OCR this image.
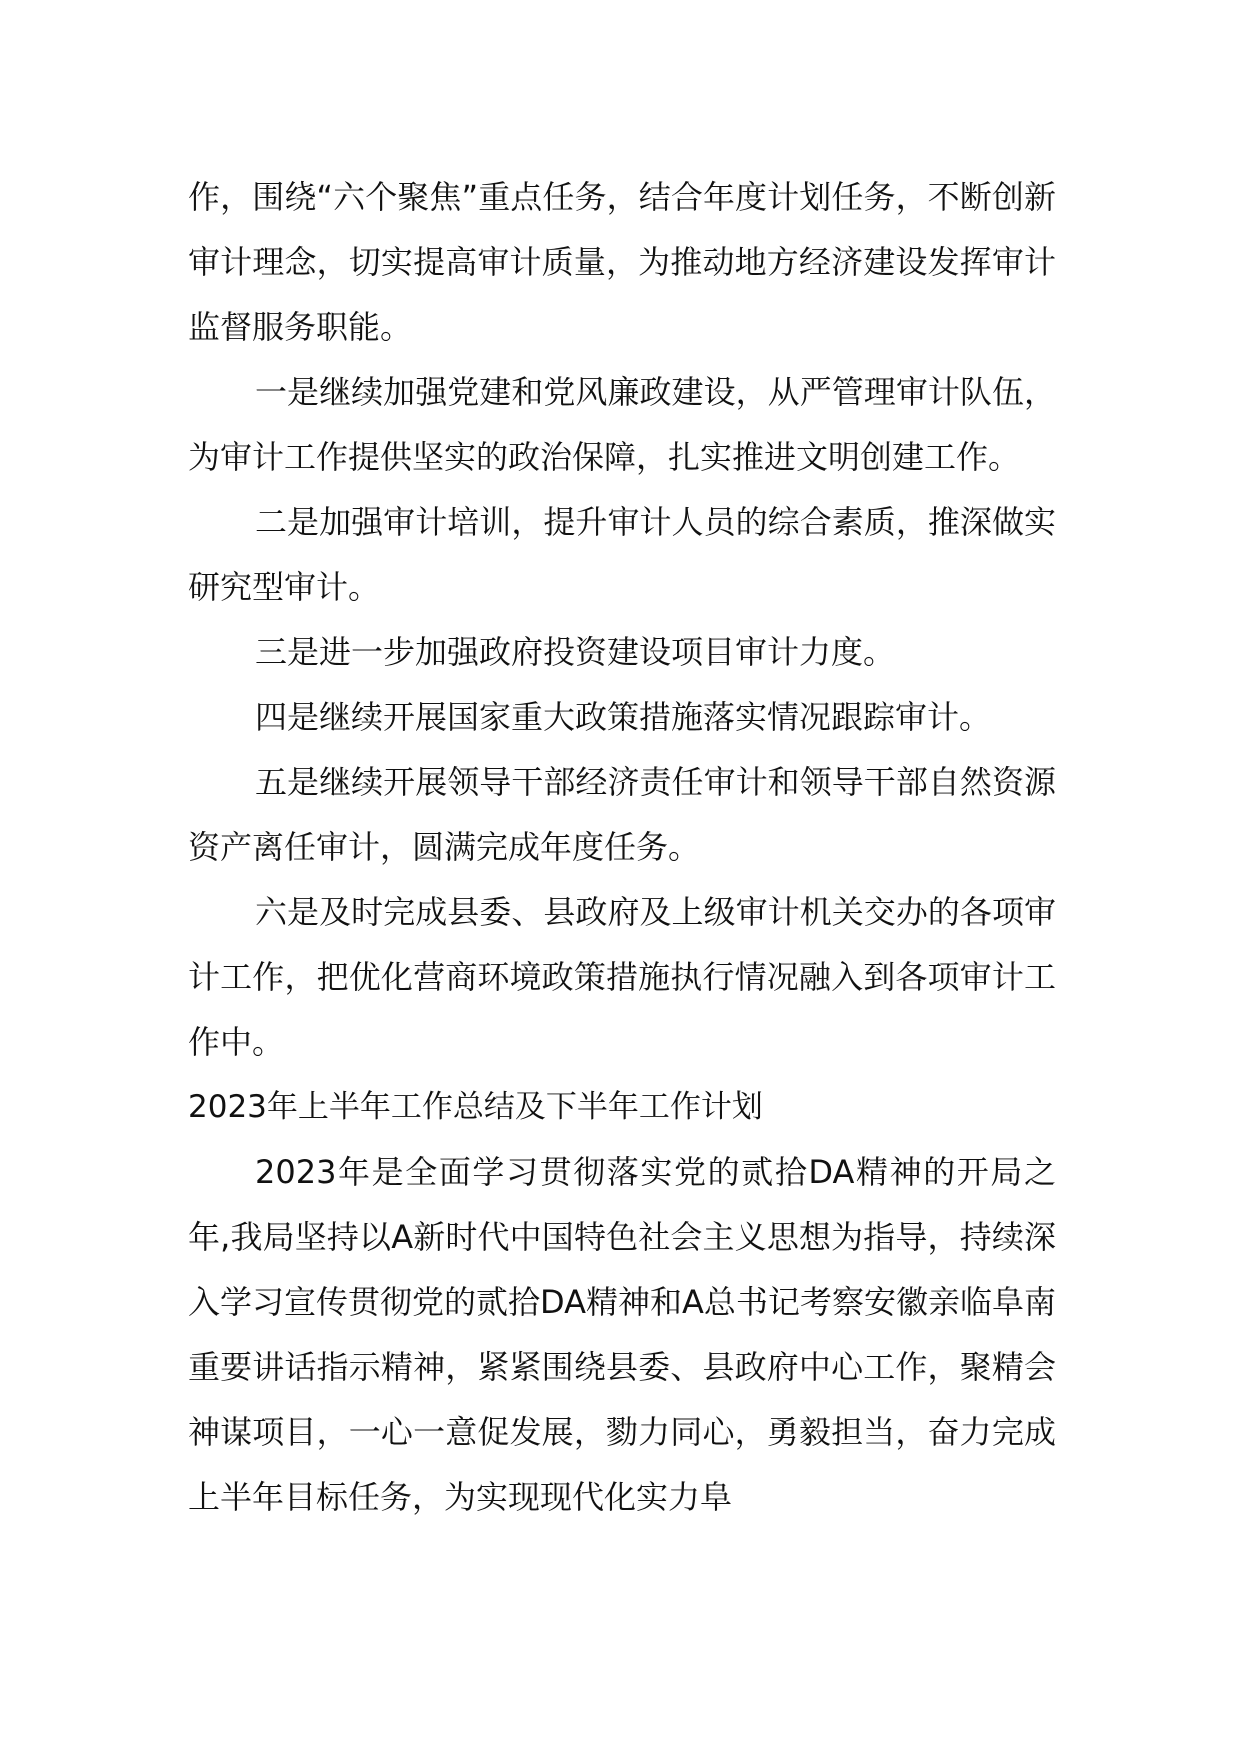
作，围绕“六个聚焦”重点任务，结合年度计划任务，不断创新审计理念，切实提高审计质量，为推动地方经济建设发挥审计监督服务职能。

一是继续加强党建和党风廉政建设，从严管理审计队伍，为审计工作提供坚实的政治保障，扎实推进文明创建工作。

二是加强审计培训，提升审计人员的综合素质，推深做实研究型审计。

三是进一步加强政府投资建设项目审计力度。

四是继续开展国家重大政策措施落实情况跟踪审计。

五是继续开展领导干部经济责任审计和领导干部自然资源资产离任审计，圆满完成年度任务。

六是及时完成县委、县政府及上级审计机关交办的各项审计工作，把优化营商环境政策措施执行情况融入到各项审计工作中。

2023年上半年工作总结及下半年工作计划

2023年是全面学习贯彻落实党的贰拾DA精神的开局之年,我局坚持以A新时代中国特色社会主义思想为指导，持续深入学习宣传贯彻党的贰拾DA精神和A总书记考察安徽亲临阜南重要讲话指示精神，紧紧围绕县委、县政府中心工作，聚精会神谋项目，一心一意促发展，勠力同心，勇毅担当，奋力完成上半年目标任务，为实现现代化实力阜
